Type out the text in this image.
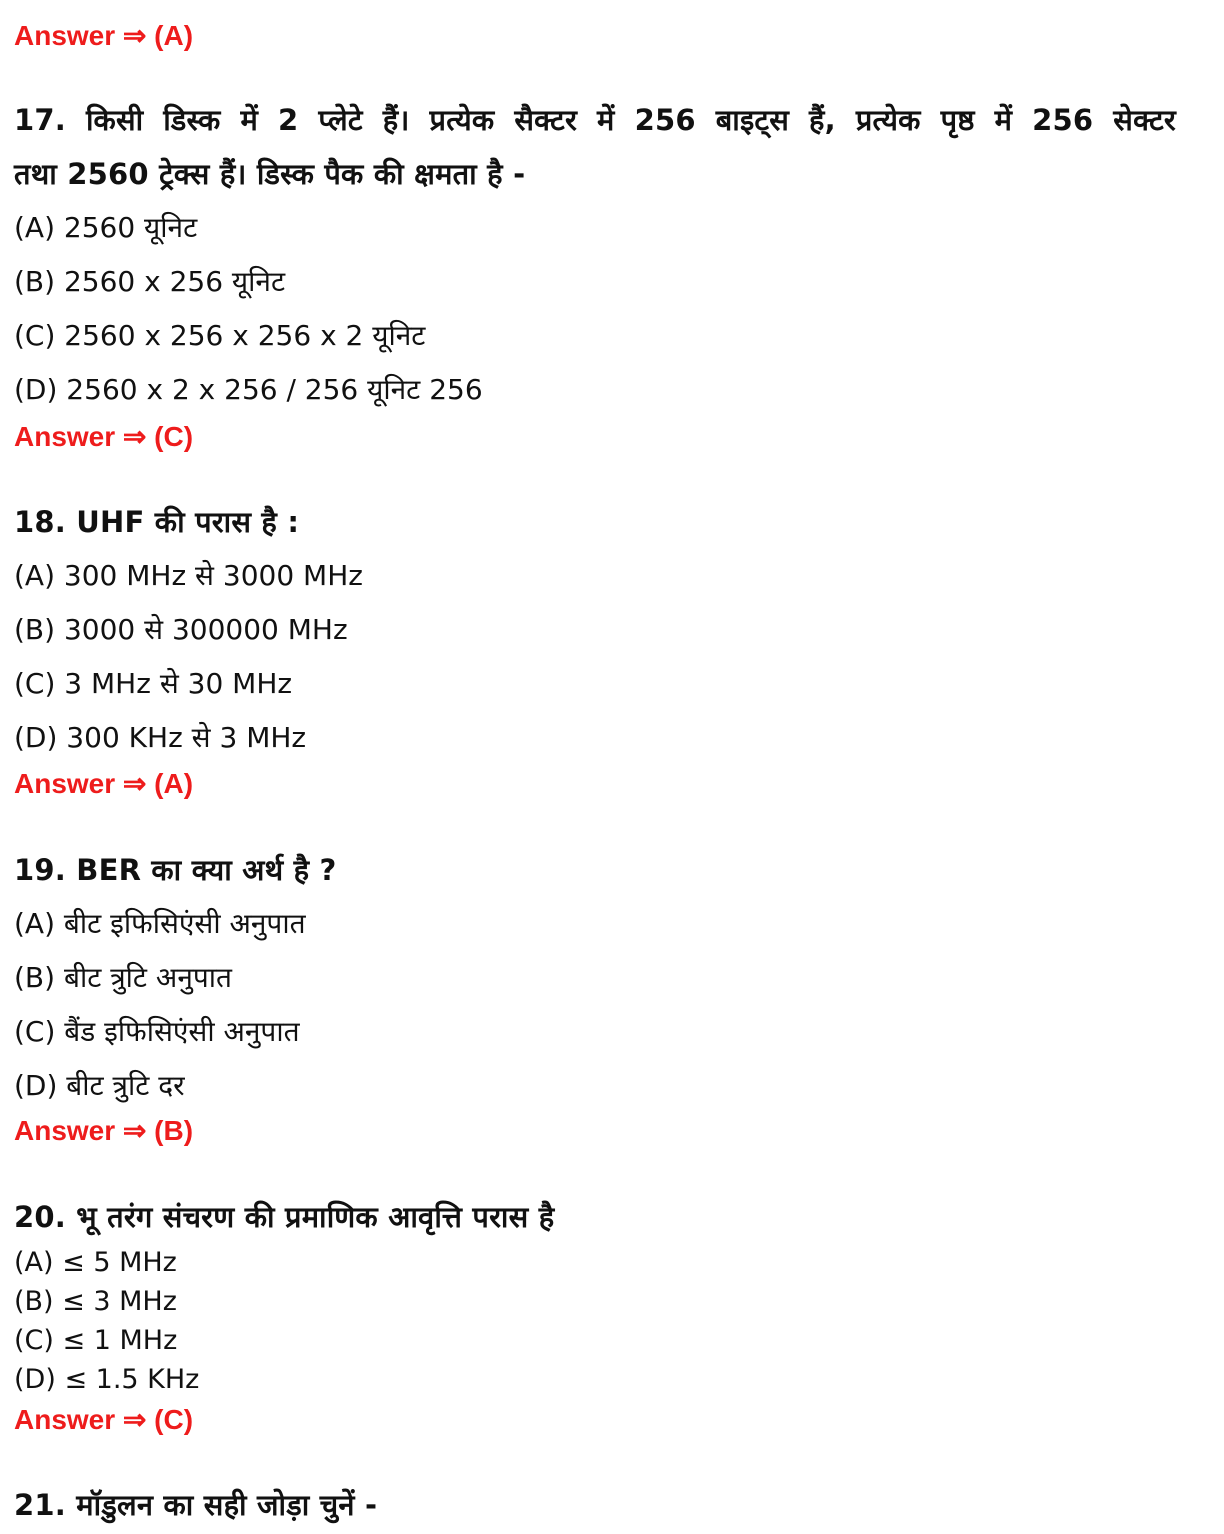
Answer ⇒ (A)
17. किसी डिस्क में 2 प्लेटे हैं। प्रत्येक सैक्टर में 256 बाइट्स हैं, प्रत्येक पृष्ठ में 256 सेक्टर
तथा 2560 ट्रेक्स हैं। डिस्क पैक की क्षमता है -
(A) 2560 यूनिट
(B) 2560 x 256 यूनिट
(C) 2560 x 256 x 256 x 2 यूनिट
(D) 2560 x 2 x 256 / 256 यूनिट 256
Answer ⇒ (C)
18. UHF की परास है :
(A) 300 MHz से 3000 MHz
(B) 3000 से 300000 MHz
(C) 3 MHz से 30 MHz
(D) 300 KHz से 3 MHz
Answer ⇒ (A)
19. BER का क्या अर्थ है ?
(A) बीट इफिसिएंसी अनुपात
(B) बीट त्रुटि अनुपात
(C) बैंड इफिसिएंसी अनुपात
(D) बीट त्रुटि दर
Answer ⇒ (B)
20. भू तरंग संचरण की प्रमाणिक आवृत्ति परास है
(A) ≤ 5 MHz
(B) ≤ 3 MHz
(C) ≤ 1 MHz
(D) ≤ 1.5 KHz
Answer ⇒ (C)
21. मॉडुलन का सही जोड़ा चुनें -
